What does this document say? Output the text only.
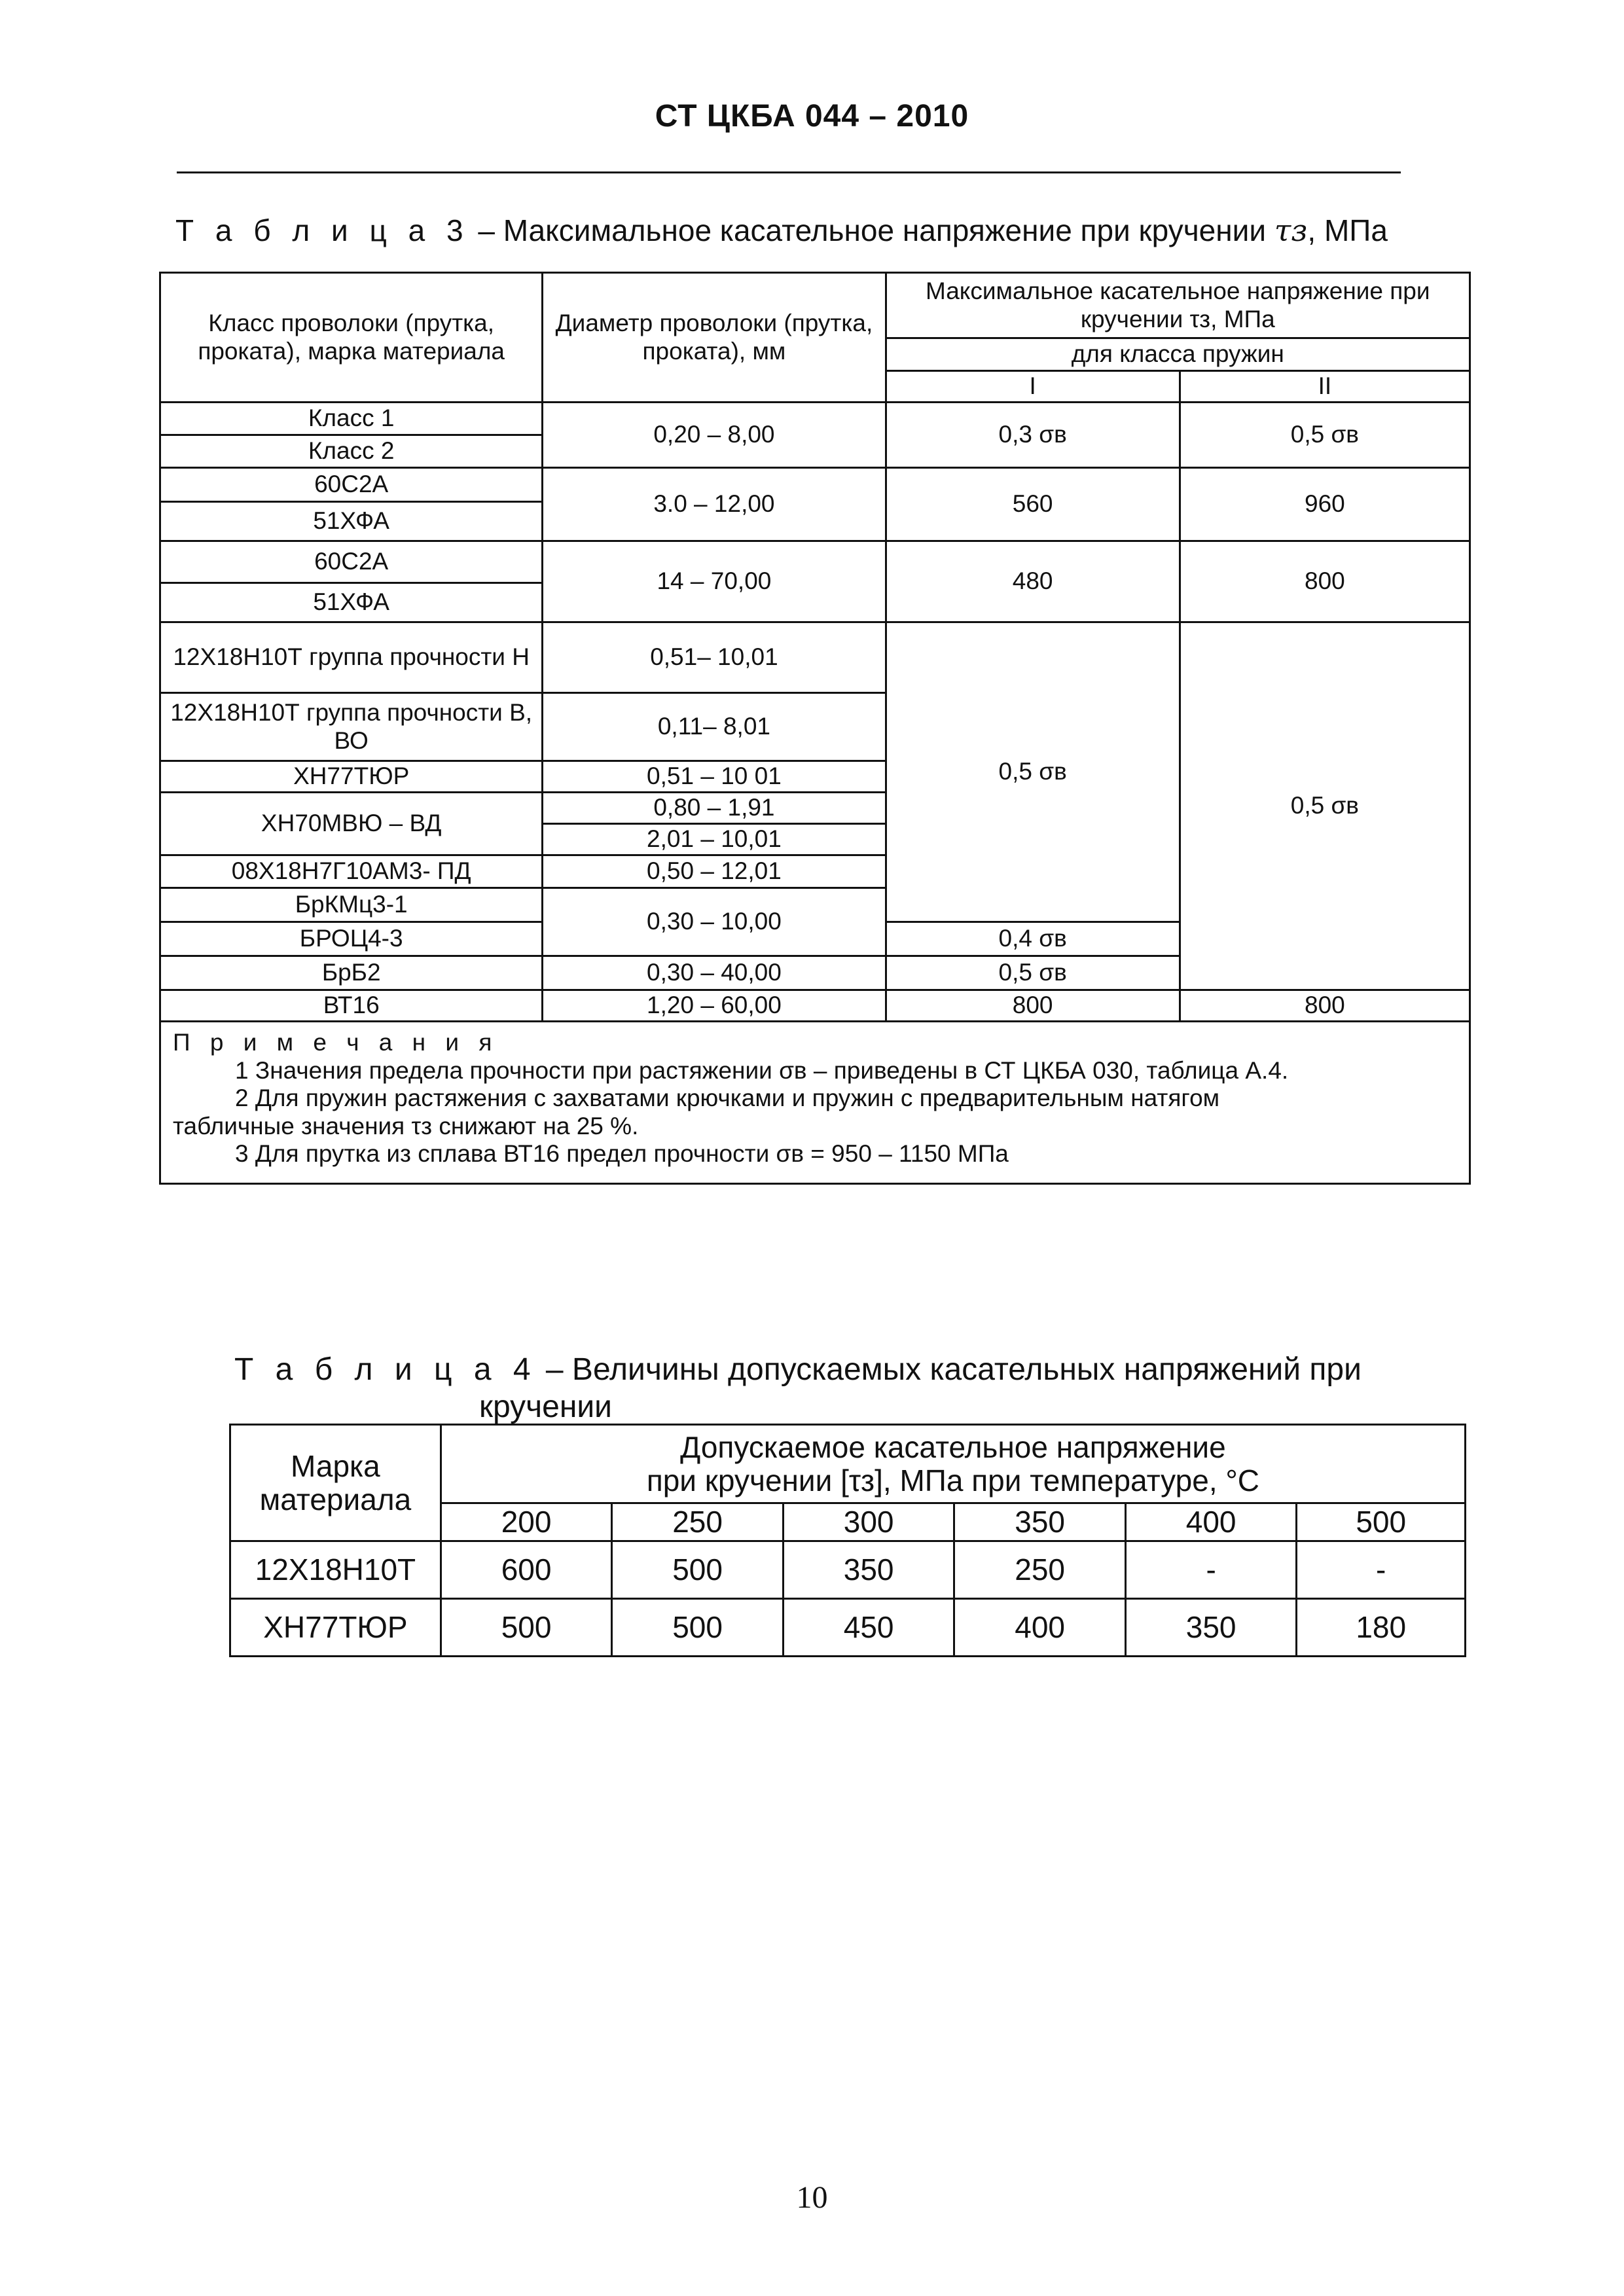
СТ ЦКБА 044 – 2010
Т а б л и ц а 3 – Максимальное касательное напряжение при кручении τз, МПа
Класс проволоки (прутка, проката), марка материала	Диаметр проволоки (прутка, проката), мм	Максимальное касательное напряжение при кручении τз, МПа	
		для класса пружин	
		I	II
Класс 1	0,20 – 8,00	0,3 σв	0,5 σв
Класс 2			
60С2А	3.0 – 12,00	560	960
51ХФА			
60С2А	14 – 70,00	480	800
51ХФА			
12Х18Н10Т группа прочности Н	0,51– 10,01	0,5 σв	0,5 σв
12Х18Н10Т группа прочности В, ВО	0,11– 8,01		
ХН77ТЮР	0,51 – 10 01		
ХН70МВЮ – ВД	0,80 – 1,91		
	2,01 – 10,01		
08Х18Н7Г10АМ3- ПД	0,50 – 12,01		
БрКМц3-1	0,30 – 10,00		
БРОЦ4-3		0,4 σв	
БрБ2	0,30 – 40,00	0,5 σв	
ВТ16	1,20 – 60,00	800	800

П р и м е ч а н и я
1 Значения предела прочности при растяжении σв – приведены в СТ ЦКБА 030, таблица А.4.
2 Для пружин растяжения с захватами крючками и пружин с предварительным натягом
табличные значения τз снижают на 25 %.
3 Для прутка из сплава ВТ16 предел прочности σв = 950 – 1150 МПа			
Т а б л и ц а 4 – Величины допускаемых касательных напряжений при
кручении
Марка материала	Допускаемое касательное напряжение
при кручении [τз], МПа при температуре, °С					

	200	250	300	350	400	500
12Х18Н10Т	600	500	350	250	-	-
ХН77ТЮР	500	500	450	400	350	180
10
